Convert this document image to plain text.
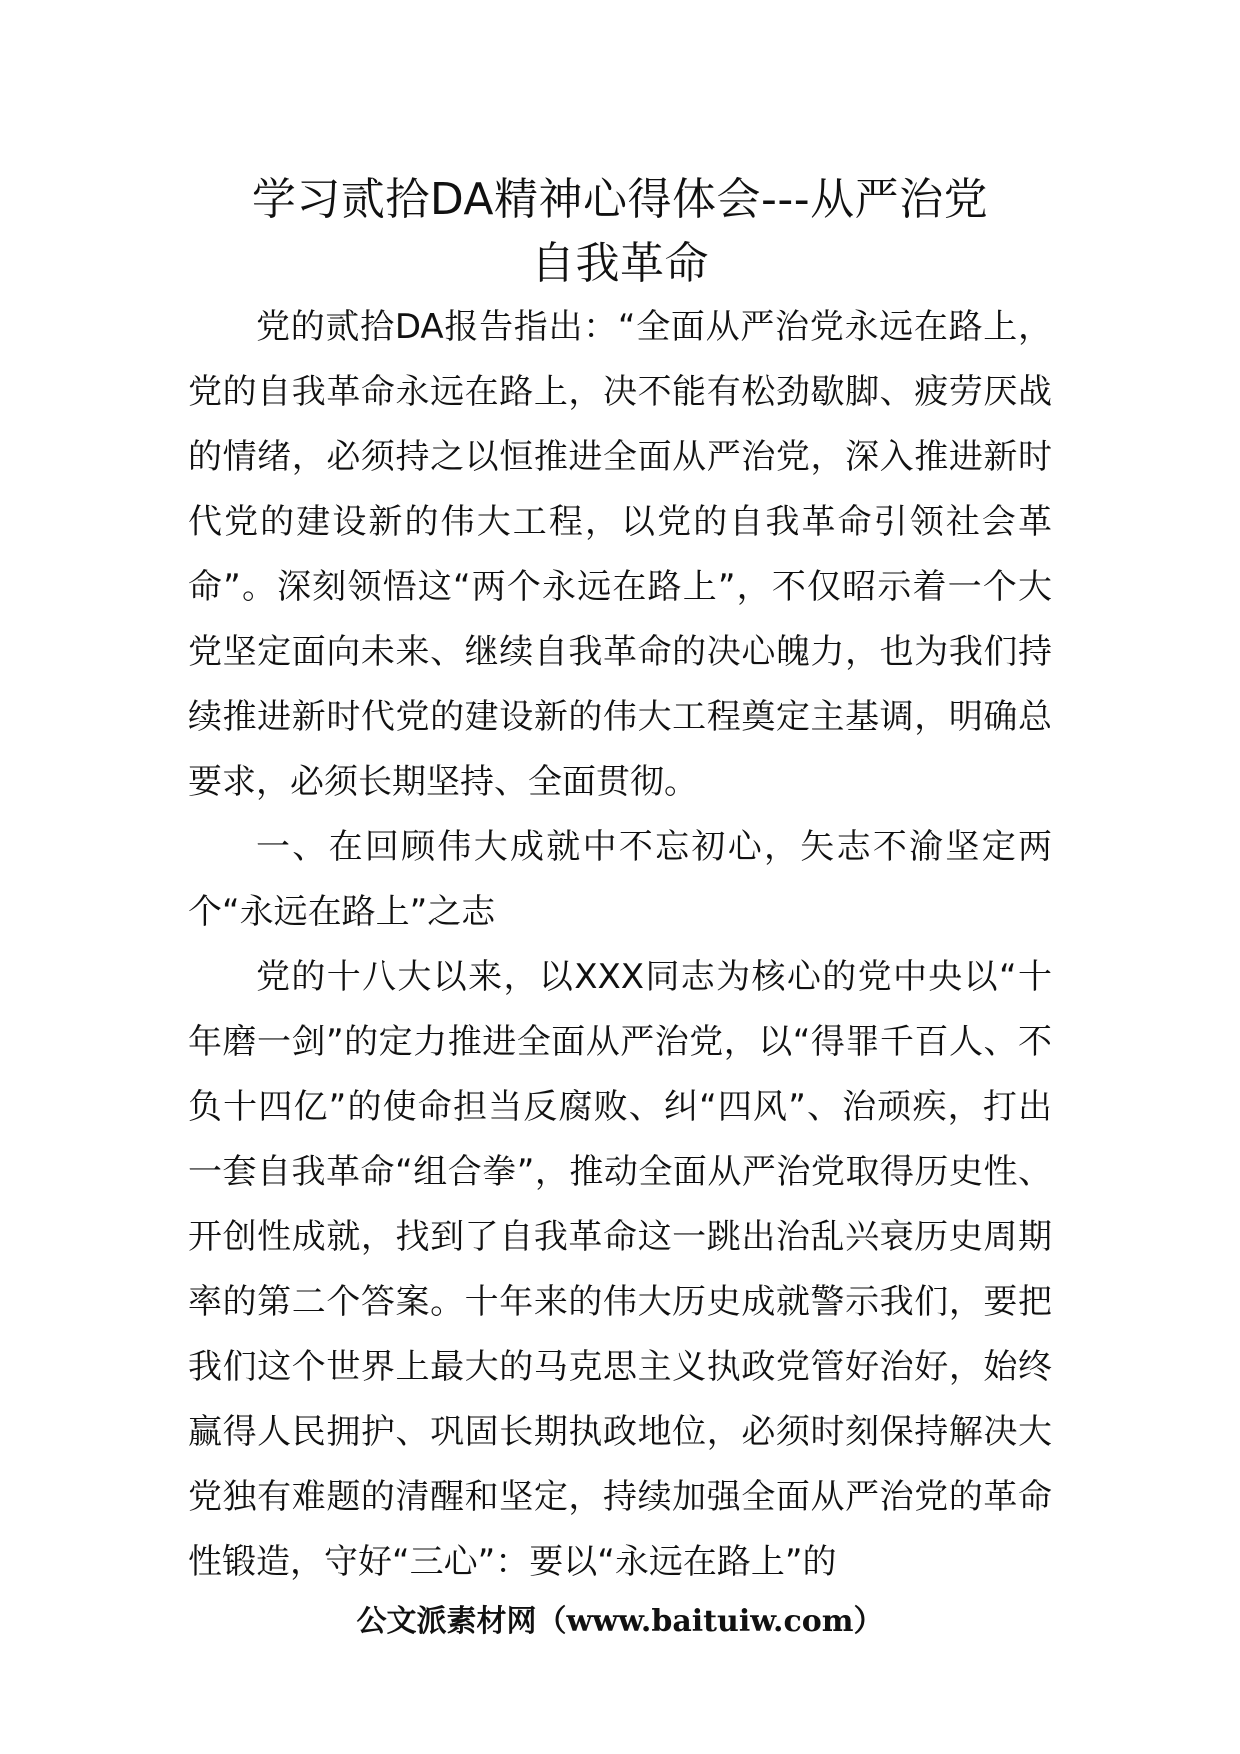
学习贰拾DA精神心得体会---从严治党
自我革命

党的贰拾DA报告指出：“全面从严治党永远在路上，党的自我革命永远在路上，决不能有松劲歇脚、疲劳厌战的情绪，必须持之以恒推进全面从严治党，深入推进新时代党的建设新的伟大工程，以党的自我革命引领社会革命”。深刻领悟这“两个永远在路上”，不仅昭示着一个大党坚定面向未来、继续自我革命的决心魄力，也为我们持续推进新时代党的建设新的伟大工程奠定主基调，明确总要求，必须长期坚持、全面贯彻。

一、在回顾伟大成就中不忘初心，矢志不渝坚定两个“永远在路上”之志

党的十八大以来，以XXX同志为核心的党中央以“十年磨一剑”的定力推进全面从严治党，以“得罪千百人、不负十四亿”的使命担当反腐败、纠“四风”、治顽疾，打出一套自我革命“组合拳”，推动全面从严治党取得历史性、开创性成就，找到了自我革命这一跳出治乱兴衰历史周期率的第二个答案。十年来的伟大历史成就警示我们，要把我们这个世界上最大的马克思主义执政党管好治好，始终赢得人民拥护、巩固长期执政地位，必须时刻保持解决大党独有难题的清醒和坚定，持续加强全面从严治党的革命性锻造，守好“三心”：要以“永远在路上”的

公文派素材网（www.baituiw.com）
